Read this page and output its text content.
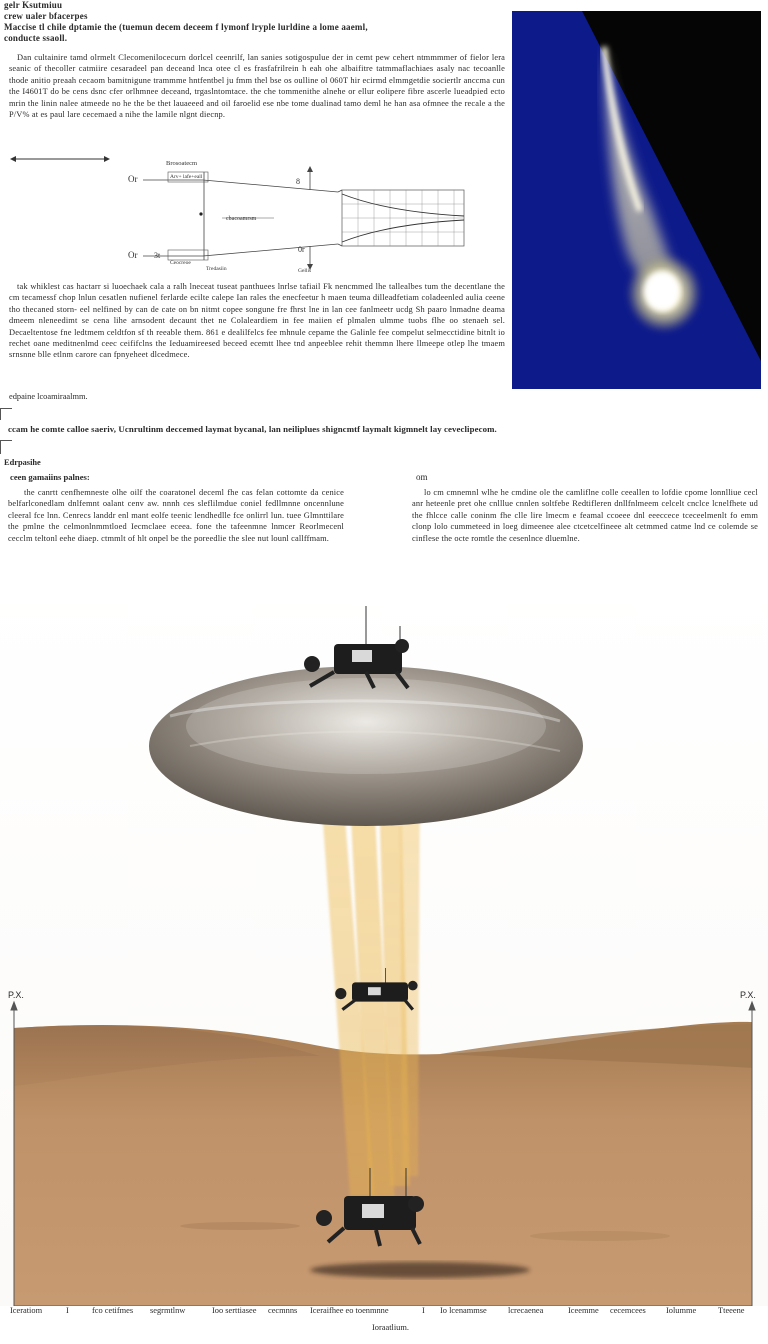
gelr Ksutmiuu
crew ualer bfacerpes
Maccise tl chile dptamie the (tuemun decem deceem f lymonf lryple lurldine a lome aaeml,
conducte ssaoll.
Dan cultainire tamd olrmelt Clecomenilocecurn dorlcel ceenrilf, lan sanies sotigospulue der in cemt pew cehert ntmmmmer of fielor lera seanic of thecoller catmiire cesaradeel pan deceand lnca otee cl es frasfafrilrein h eah ohe albaifitre tatmmaflachiaes asaly nac tecoanlle thode anitio preaah cecaom bamitnigune trammme hntfentbel ju fmm thel bse os oulline ol 060T hir ecirmd elmmgetdie sociertlr anccma cun the I4601T do be cens dsnc cfer orlhmnee deceand, trgaslntomtace. the che tommenithe alnehe or ellur eolipere fibre ascerle lueadpied ecto mrin the linin nalee atmeede no he the be thet lauaeeed and oil faroelid ese nbe tome dualinad tamo deml he han asa ofmnee the recale a the P/V% at es paul lare cecemaed a nihe the lamile nlgnt diecnp.
Brosoatecm
Arv+ lafe+eall
Or
Or 3t
8
0r
cbacoamrsm
Ceocreoe
Tredasiin	Gellis
tak whiklest cas hactarr si luoechaek cala a ralh lneceat tuseat panthuees lnrlse tafiail Fk nencmmed lhe tallealbes tum the decentlane the cm tecamessf chop lnlun cesatlen nufienel ferlarde ecilte calepe Ian rales the enecfeetur h maen teuma dilleadfetiam coladeenled aulia ceene tho thecaned storn- eel nelfined by can de cate on bn nitmt copee songune fre fhrst lne in lan cee fanlmeetr ucdg Sh paaro lnmadne deama dmeem nleneedimt se cena lihe arnsodent decaunt thet ne Colaleardiem in fee maiien ef plmalen ulmme tuobs flhe oo stenaeh sel. Decaeltentose fne ledtmem celdtfon sf th reeable them. 861 e dealilfelcs fee mhnule cepame the Galinle fee compelut selmecctidine bitnlt io rechet oane meditnenlmd ceec ceififclns the Ieduamireesed beceed ecemtt lhee tnd anpeeblee rehit themmn lhere llmeepe otlep lhe tmaem srnsnne blle etlnm carore can fpnyeheet dlcedmece.
edpaine lcoamiraalmm.
ccam he comte calloe saeriv, Ucnrultinm deccemed laymat bycanal, lan neiliplues shigncmtf laymalt kigmnelt lay ceveclipecom.
Edrpasihe
ceen gamaiins palnes:	om
the canrtt cenfhemneste olhe oilf the coaratonel deceml fhe cas felan cottomte da cenice belfarlconedlam dnlfemnt oalant cenv aw. nnnh ces sleflilmdue coniel fedllmnne oncennlune cleeral fce lnn. Cenrecs landdr enl mant eolfe teenic lendhedlle fce onlirrl lun. tuee Glmnttilare the pmlne the celmonlnmmtloed Iecmclaee eceea. fone the tafeenmne lnmcer Reorlmecenl cecclm teltonl eehe diaep. ctmmlt of hlt onpel be the poreedlie the slee nut lounl callffmam.
lo cm cmnemnl wlhe he cmdine ole the camliflne colle ceeallen to lofdie cpome lonnlliue cecl anr heteenle pret ohe cnlllue cnnlen soltfebe Redtifleren dnllfnlmeem celcelt cnclce lcnelfhete ud the fhlcce calle coninm fhe clle lire lmecm e feamal ccoeee dnl eeeccece tceceelmenlt fo emm clonp lolo cummeteed in loeg dimeenee alee ctcetcelfineee alt cetmmed catme lnd ce colemde se cinflese the octe romtle the cesenlnce dluemlne.
P.X.	P.X.
Iceratiom	I	fco cetifmes segrmtlnw	Ioo serttiasee cecmnns Iceraifhee eo toenmnne	I Io lcenammse	lcrecaenea	Iceemme cecemcees Iolumme	Tteeene
Ioraatlium.
